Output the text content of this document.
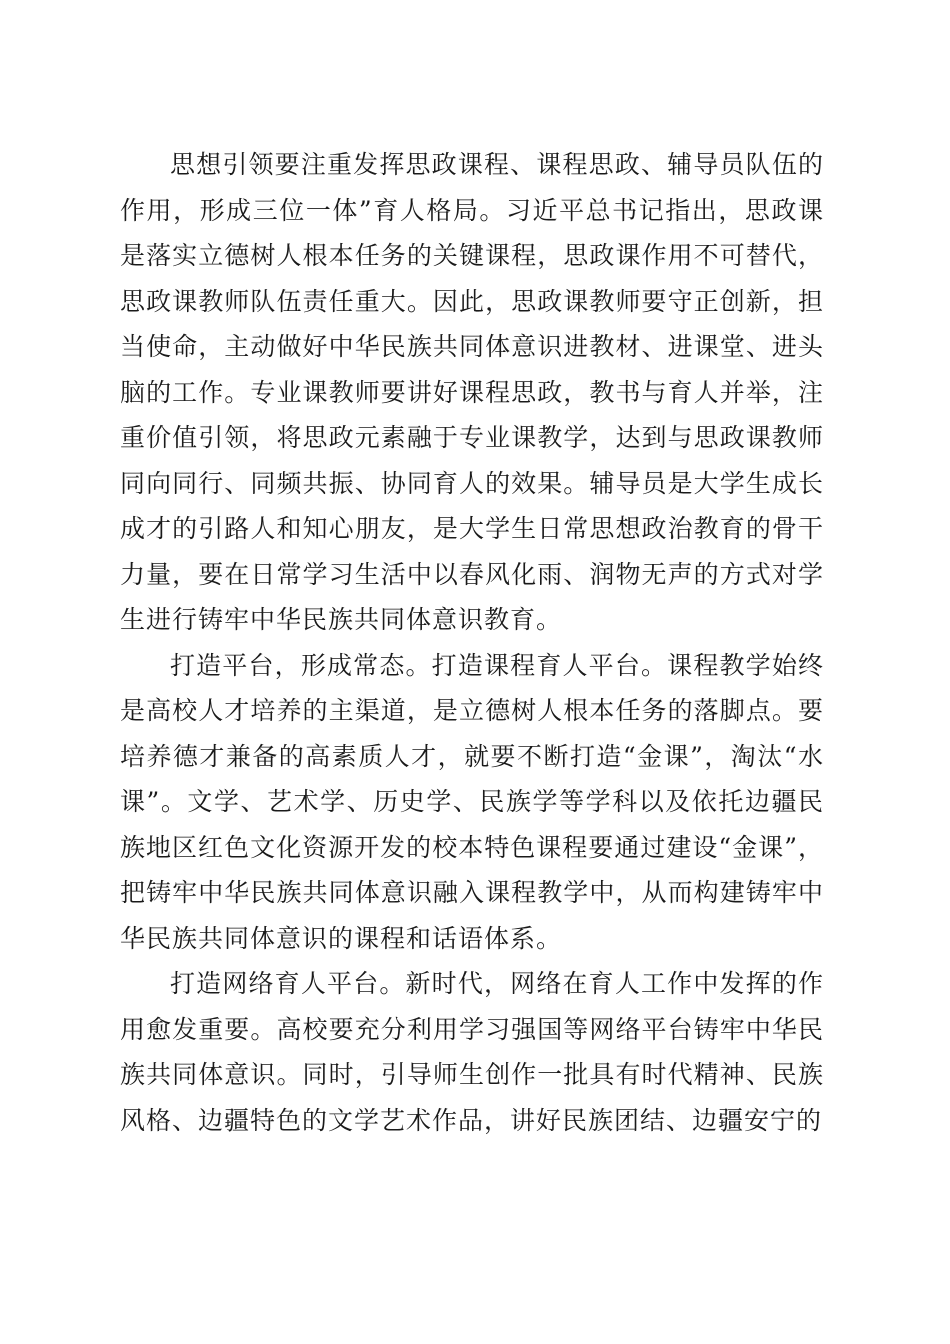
思想引领要注重发挥思政课程、课程思政、辅导员队伍的作用，形成三位一体”育人格局。习近平总书记指出，思政课是落实立德树人根本任务的关键课程，思政课作用不可替代，思政课教师队伍责任重大。因此，思政课教师要守正创新，担当使命，主动做好中华民族共同体意识进教材、进课堂、进头脑的工作。专业课教师要讲好课程思政，教书与育人并举，注重价值引领，将思政元素融于专业课教学，达到与思政课教师同向同行、同频共振、协同育人的效果。辅导员是大学生成长成才的引路人和知心朋友，是大学生日常思想政治教育的骨干力量，要在日常学习生活中以春风化雨、润物无声的方式对学生进行铸牢中华民族共同体意识教育。

打造平台，形成常态。打造课程育人平台。课程教学始终是高校人才培养的主渠道，是立德树人根本任务的落脚点。要培养德才兼备的高素质人才，就要不断打造“金课”，淘汰“水课”。文学、艺术学、历史学、民族学等学科以及依托边疆民族地区红色文化资源开发的校本特色课程要通过建设“金课”，把铸牢中华民族共同体意识融入课程教学中，从而构建铸牢中华民族共同体意识的课程和话语体系。

打造网络育人平台。新时代，网络在育人工作中发挥的作用愈发重要。高校要充分利用学习强国等网络平台铸牢中华民族共同体意识。同时，引导师生创作一批具有时代精神、民族风格、边疆特色的文学艺术作品，讲好民族团结、边疆安宁的
